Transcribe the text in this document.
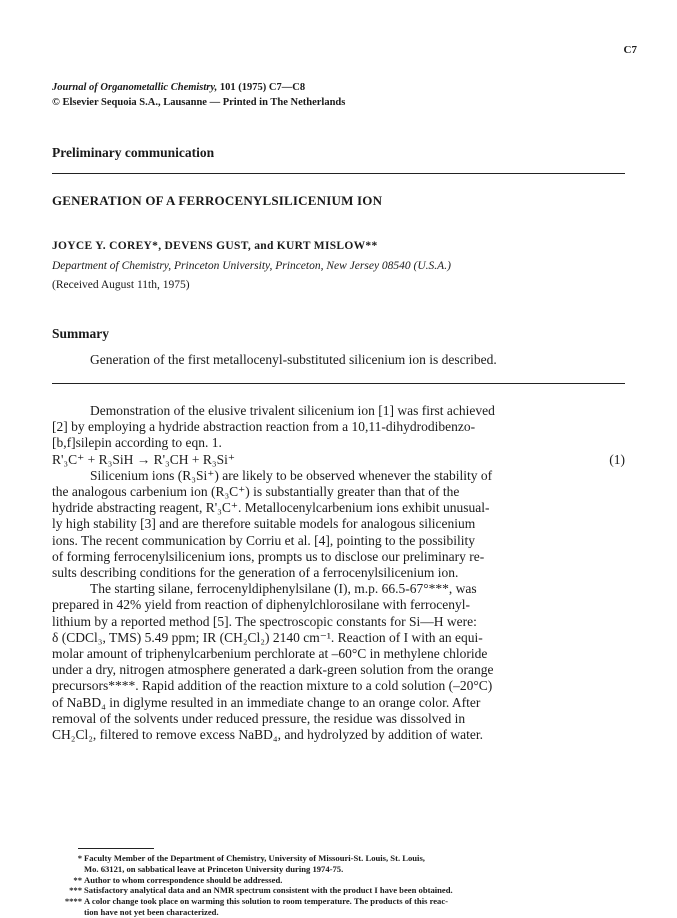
C7
Journal of Organometallic Chemistry, 101 (1975) C7—C8
© Elsevier Sequoia S.A., Lausanne — Printed in The Netherlands
Preliminary communication
GENERATION OF A FERROCENYLSILICENIUM ION
JOYCE Y. COREY*, DEVENS GUST, and KURT MISLOW**
Department of Chemistry, Princeton University, Princeton, New Jersey 08540 (U.S.A.)
(Received August 11th, 1975)
Summary
Generation of the first metallocenyl-substituted silicenium ion is described.

Demonstration of the elusive trivalent silicenium ion [1] was first achieved
[2] by employing a hydride abstraction reaction from a 10,11-dihydrodibenzo-
[b,f]silepin according to eqn. 1.

R'₃C⁺ + R₃SiH → R'₃CH + R₃Si⁺	(1)

Silicenium ions (R₃Si⁺) are likely to be observed whenever the stability of
the analogous carbenium ion (R₃C⁺) is substantially greater than that of the
hydride abstracting reagent, R'₃C⁺. Metallocenylcarbenium ions exhibit unusual-
ly high stability [3] and are therefore suitable models for analogous silicenium
ions. The recent communication by Corriu et al. [4], pointing to the possibility
of forming ferrocenylsilicenium ions, prompts us to disclose our preliminary re-
sults describing conditions for the generation of a ferrocenylsilicenium ion.

The starting silane, ferrocenyldiphenylsilane (I), m.p. 66.5-67°***, was
prepared in 42% yield from reaction of diphenylchlorosilane with ferrocenyl-
lithium by a reported method [5]. The spectroscopic constants for Si—H were:
δ (CDCl₃, TMS) 5.49 ppm; IR (CH₂Cl₂) 2140 cm⁻¹. Reaction of I with an equi-
molar amount of triphenylcarbenium perchlorate at –60°C in methylene chloride
under a dry, nitrogen atmosphere generated a dark-green solution from the orange
precursors****. Rapid addition of the reaction mixture to a cold solution (–20°C)
of NaBD₄ in diglyme resulted in an immediate change to an orange color. After
removal of the solvents under reduced pressure, the residue was dissolved in
CH₂Cl₂, filtered to remove excess NaBD₄, and hydrolyzed by addition of water.

* Faculty Member of the Department of Chemistry, University of Missouri-St. Louis, St. Louis,
Mo. 63121, on sabbatical leave at Princeton University during 1974-75.
** Author to whom correspondence should be addressed.
*** Satisfactory analytical data and an NMR spectrum consistent with the product I have been obtained.
**** A color change took place on warming this solution to room temperature. The products of this reac-
tion have not yet been characterized.
